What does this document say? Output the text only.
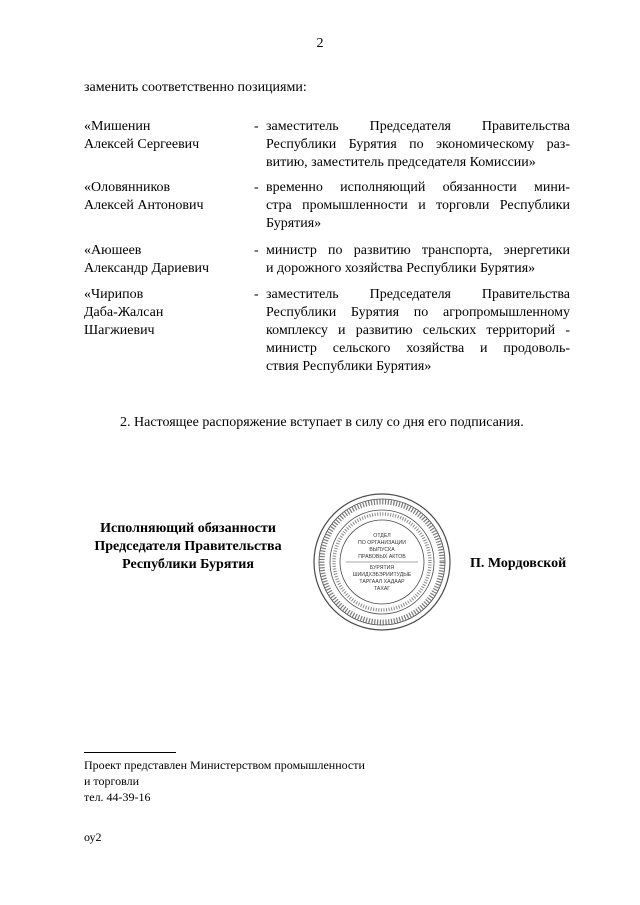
2
заменить соответственно позициями:
«Мишенин
Алексей Сергеевич
- заместитель Председателя Правительства
Республики Бурятия по экономическому раз-
витию, заместитель председателя Комиссии»
«Оловянников
Алексей Антонович
- временно исполняющий обязанности мини-
стра промышленности и торговли Республики
Бурятия»
«Аюшеев
Александр Дариевич
- министр по развитию транспорта, энергетики
и дорожного хозяйства Республики Бурятия»
«Чирипов
Даба-Жалсан
Шагжиевич
- заместитель Председателя Правительства
Республики Бурятия по агропромышленному
комплексу и развитию сельских территорий -
министр сельского хозяйства и продоволь-
ствия Республики Бурятия»
2. Настоящее распоряжение вступает в силу со дня его подписания.
Исполняющий обязанности
Председателя Правительства
Республики Бурятия
ОТДЕЛ
ПО ОРГАНИЗАЦИИ
ВЫПУСКА
ПРАВОВЫХ АКТОВ
БУРЯТИЯ
ШИИДХЭБЭРИИТУДЫЕ
ТАРГААЛ ХАДААР
ТАХАГ
П. Мордовской
Проект представлен Министерством промышленности
и торговли
тел. 44-39-16
оу2
